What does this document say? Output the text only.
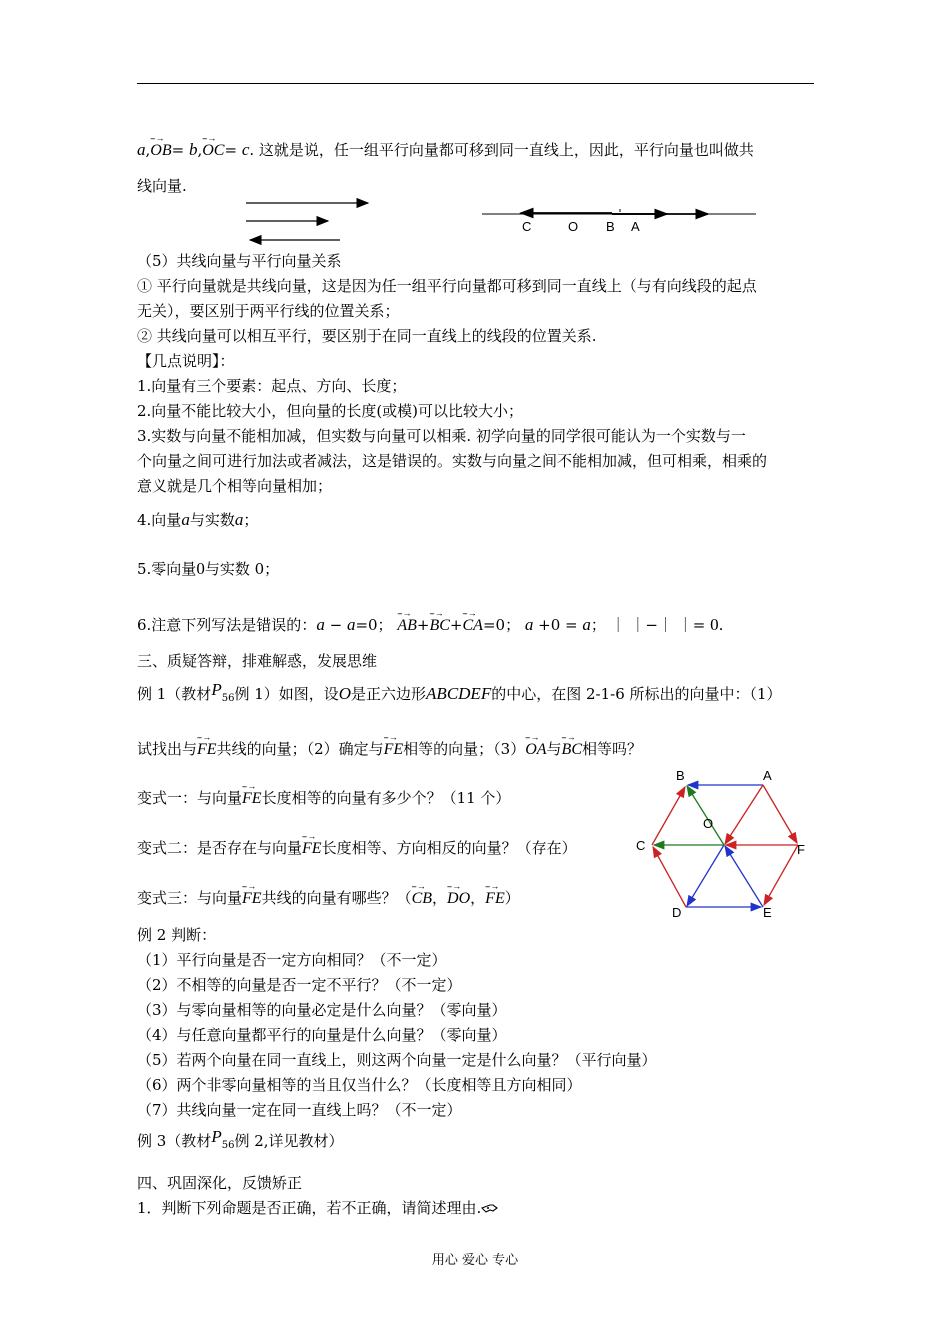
a,-- → OB= b,-- → OC= c. 这就是说，任一组平行向量都可移到同一直线上，因此，平行向量也叫做共
线向量.
C	O B A
（5）共线向量与平行向量关系
① 平行向量就是共线向量，这是因为任一组平行向量都可移到同一直线上（与有向线段的起点
无关），要区别于两平行线的位置关系；
② 共线向量可以相互平行，要区别于在同一直线上的线段的位置关系.
【几点说明】：
1.向量有三个要素：起点、方向、长度；
2.向量不能比较大小，但向量的长度(或模)可以比较大小；
3.实数与向量不能相加减，但实数与向量可以相乘. 初学向量的同学很可能认为一个实数与一
个向量之间可进行加法或者减法，这是错误的。实数与向量之间不能相加减，但可相乘，相乘的
意义就是几个相等向量相加；
4.向量a与实数a；
5.零向量0与实数 0；
6.注意下列写法是错误的：a − a=0； -- → AB+-- → BC+-- → CA=0； a +0 = a； ｜ ｜−｜ ｜= 0.
三、质疑答辩，排难解惑，发展思维
例 1（教材$P_{56}$例 1）如图，设O是正六边形ABCDEF的中心，在图 2-1-6 所标出的向量中：（1）
试找出与-- → FE共线的向量；（2）确定与-- → FE相等的向量；（3）-- → OA与-- → BC相等吗？
变式一：与向量-- → FE长度相等的向量有多少个？（11 个）
变式二：是否存在与向量-- → FE长度相等、方向相反的向量？（存在）
变式三：与向量-- → FE共线的向量有哪些？（-- → CB，-- → DO，-- → FE）
B	A
F
E
D
C
O
例 2 判断：
（1）平行向量是否一定方向相同？（不一定）
（2）不相等的向量是否一定不平行？（不一定）
（3）与零向量相等的向量必定是什么向量？（零向量）
（4）与任意向量都平行的向量是什么向量？（零向量）
（5）若两个向量在同一直线上，则这两个向量一定是什么向量？（平行向量）
（6）两个非零向量相等的当且仅当什么？（长度相等且方向相同）
（7）共线向量一定在同一直线上吗？（不一定）
例 3（教材$P_{56}$例 2,详见教材）
四、巩固深化，反馈矫正
1．判断下列命题是否正确，若不正确，请简述理由.
用心 爱心 专心
